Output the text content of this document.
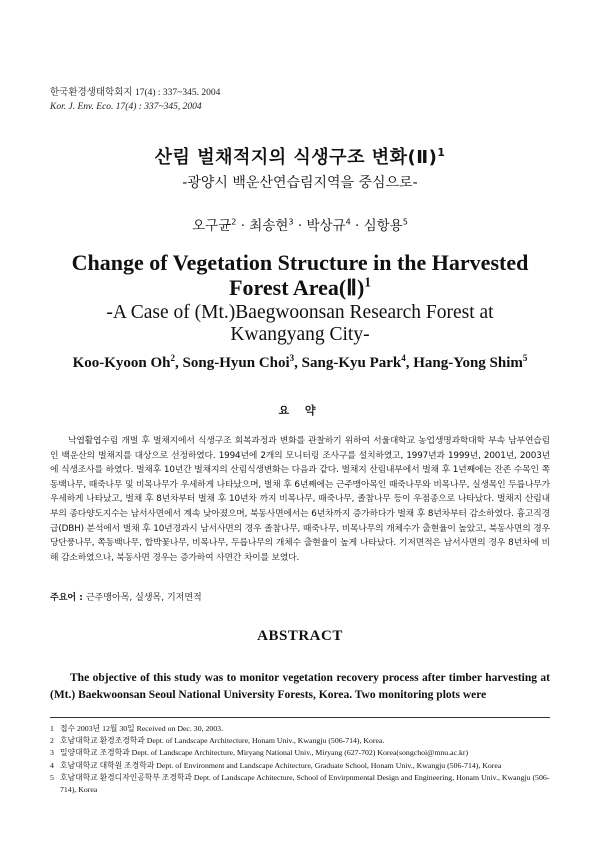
한국환경생태학회지 17(4) : 337~345. 2004
Kor. J. Env. Eco. 17(4) : 337~345, 2004
산림 벌채적지의 식생구조 변화(Ⅱ)$^1$
-광양시 백운산연습림지역을 중심으로-
오구균$^2$ · 최송현$^3$ · 박상규$^4$ · 심항용$^5$
Change of Vegetation Structure in the Harvested
Forest Area(Ⅱ)$^1$
-A Case of (Mt.)Baegwoonsan Research Forest at
Kwangyang City-
Koo-Kyoon Oh$^2$, Song-Hyun Choi$^3$, Sang-Kyu Park$^4$, Hang-Yong Shim$^5$
요 약

낙엽활엽수림 개벌 후 벌채지에서 식생구조 회복과정과 변화를 관찰하기 위하여 서울대학교 농업생명과학대학 부속 남부연습림인 백운산의 벌채지를 대상으로 선정하였다. 1994년에 2개의 모니터링 조사구를 설치하였고, 1997년과 1999년, 2001년, 2003년에 식생조사를 하였다. 벌채후 10년간 벌채지의 산림식생변화는 다음과 같다. 벌채지 산림내부에서 벌채 후 1년째에는 잔존 수목인 쪽동백나무, 때죽나무 및 비목나무가 우세하게 나타났으며, 벌채 후 6년째에는 근주맹아목인 때죽나무와 비목나무, 실생목인 두릅나무가 우세하게 나타났고, 벌채 후 8년차부터 벌채 후 10년차 까지 비목나무, 때죽나무, 졸참나무 등이 우점종으로 나타났다. 벌채지 산림내부의 종다양도지수는 남서사면에서 계속 낮아졌으며, 북동사면에서는 6년차까지 증가하다가 벌채 후 8년차부터 감소하였다. 흉고직경급(DBH) 분석에서 벌채 후 10년경과시 남서사면의 경우 졸참나무, 때죽나무, 비목나무의 개체수가 출현율이 높았고, 북동사면의 경우 당단풍나무, 쪽동백나무, 합박꽃나무, 비목나무, 두릅나무의 개체수 출현율이 높게 나타났다. 기저면적은 남서사면의 경우 8년차에 비해 감소하였으나, 북동사면 경우는 증가하여 사면간 차이를 보였다.

주요어 : 근주맹아목, 실생목, 기저면적
ABSTRACT

The objective of this study was to monitor vegetation recovery process after timber harvesting at (Mt.) Baekwoonsan Seoul National University Forests, Korea. Two monitoring plots were

1 접수 2003년 12월 30일 Received on Dec. 30, 2003.
2 호남대학교 환경조경학과 Dept. of Landscape Architecture, Honam Univ., Kwangju (506-714), Korea.
3 밀양대학교 조경학과 Dept. of Landscape Architecture, Miryang National Univ., Miryang (627-702) Korea(songchoi@mnu.ac.kr)
4 호남대학교 대학원 조경학과 Dept. of Environment and Landscape Achitecture, Graduate School, Honam Univ., Kwangju (506-714), Korea
5 호남대학교 환경디자인공학부 조경학과 Dept. of Landscape Achitecture, School of Envirpnmental Design and Engineering, Honam Univ., Kwangju (506-714), Korea
